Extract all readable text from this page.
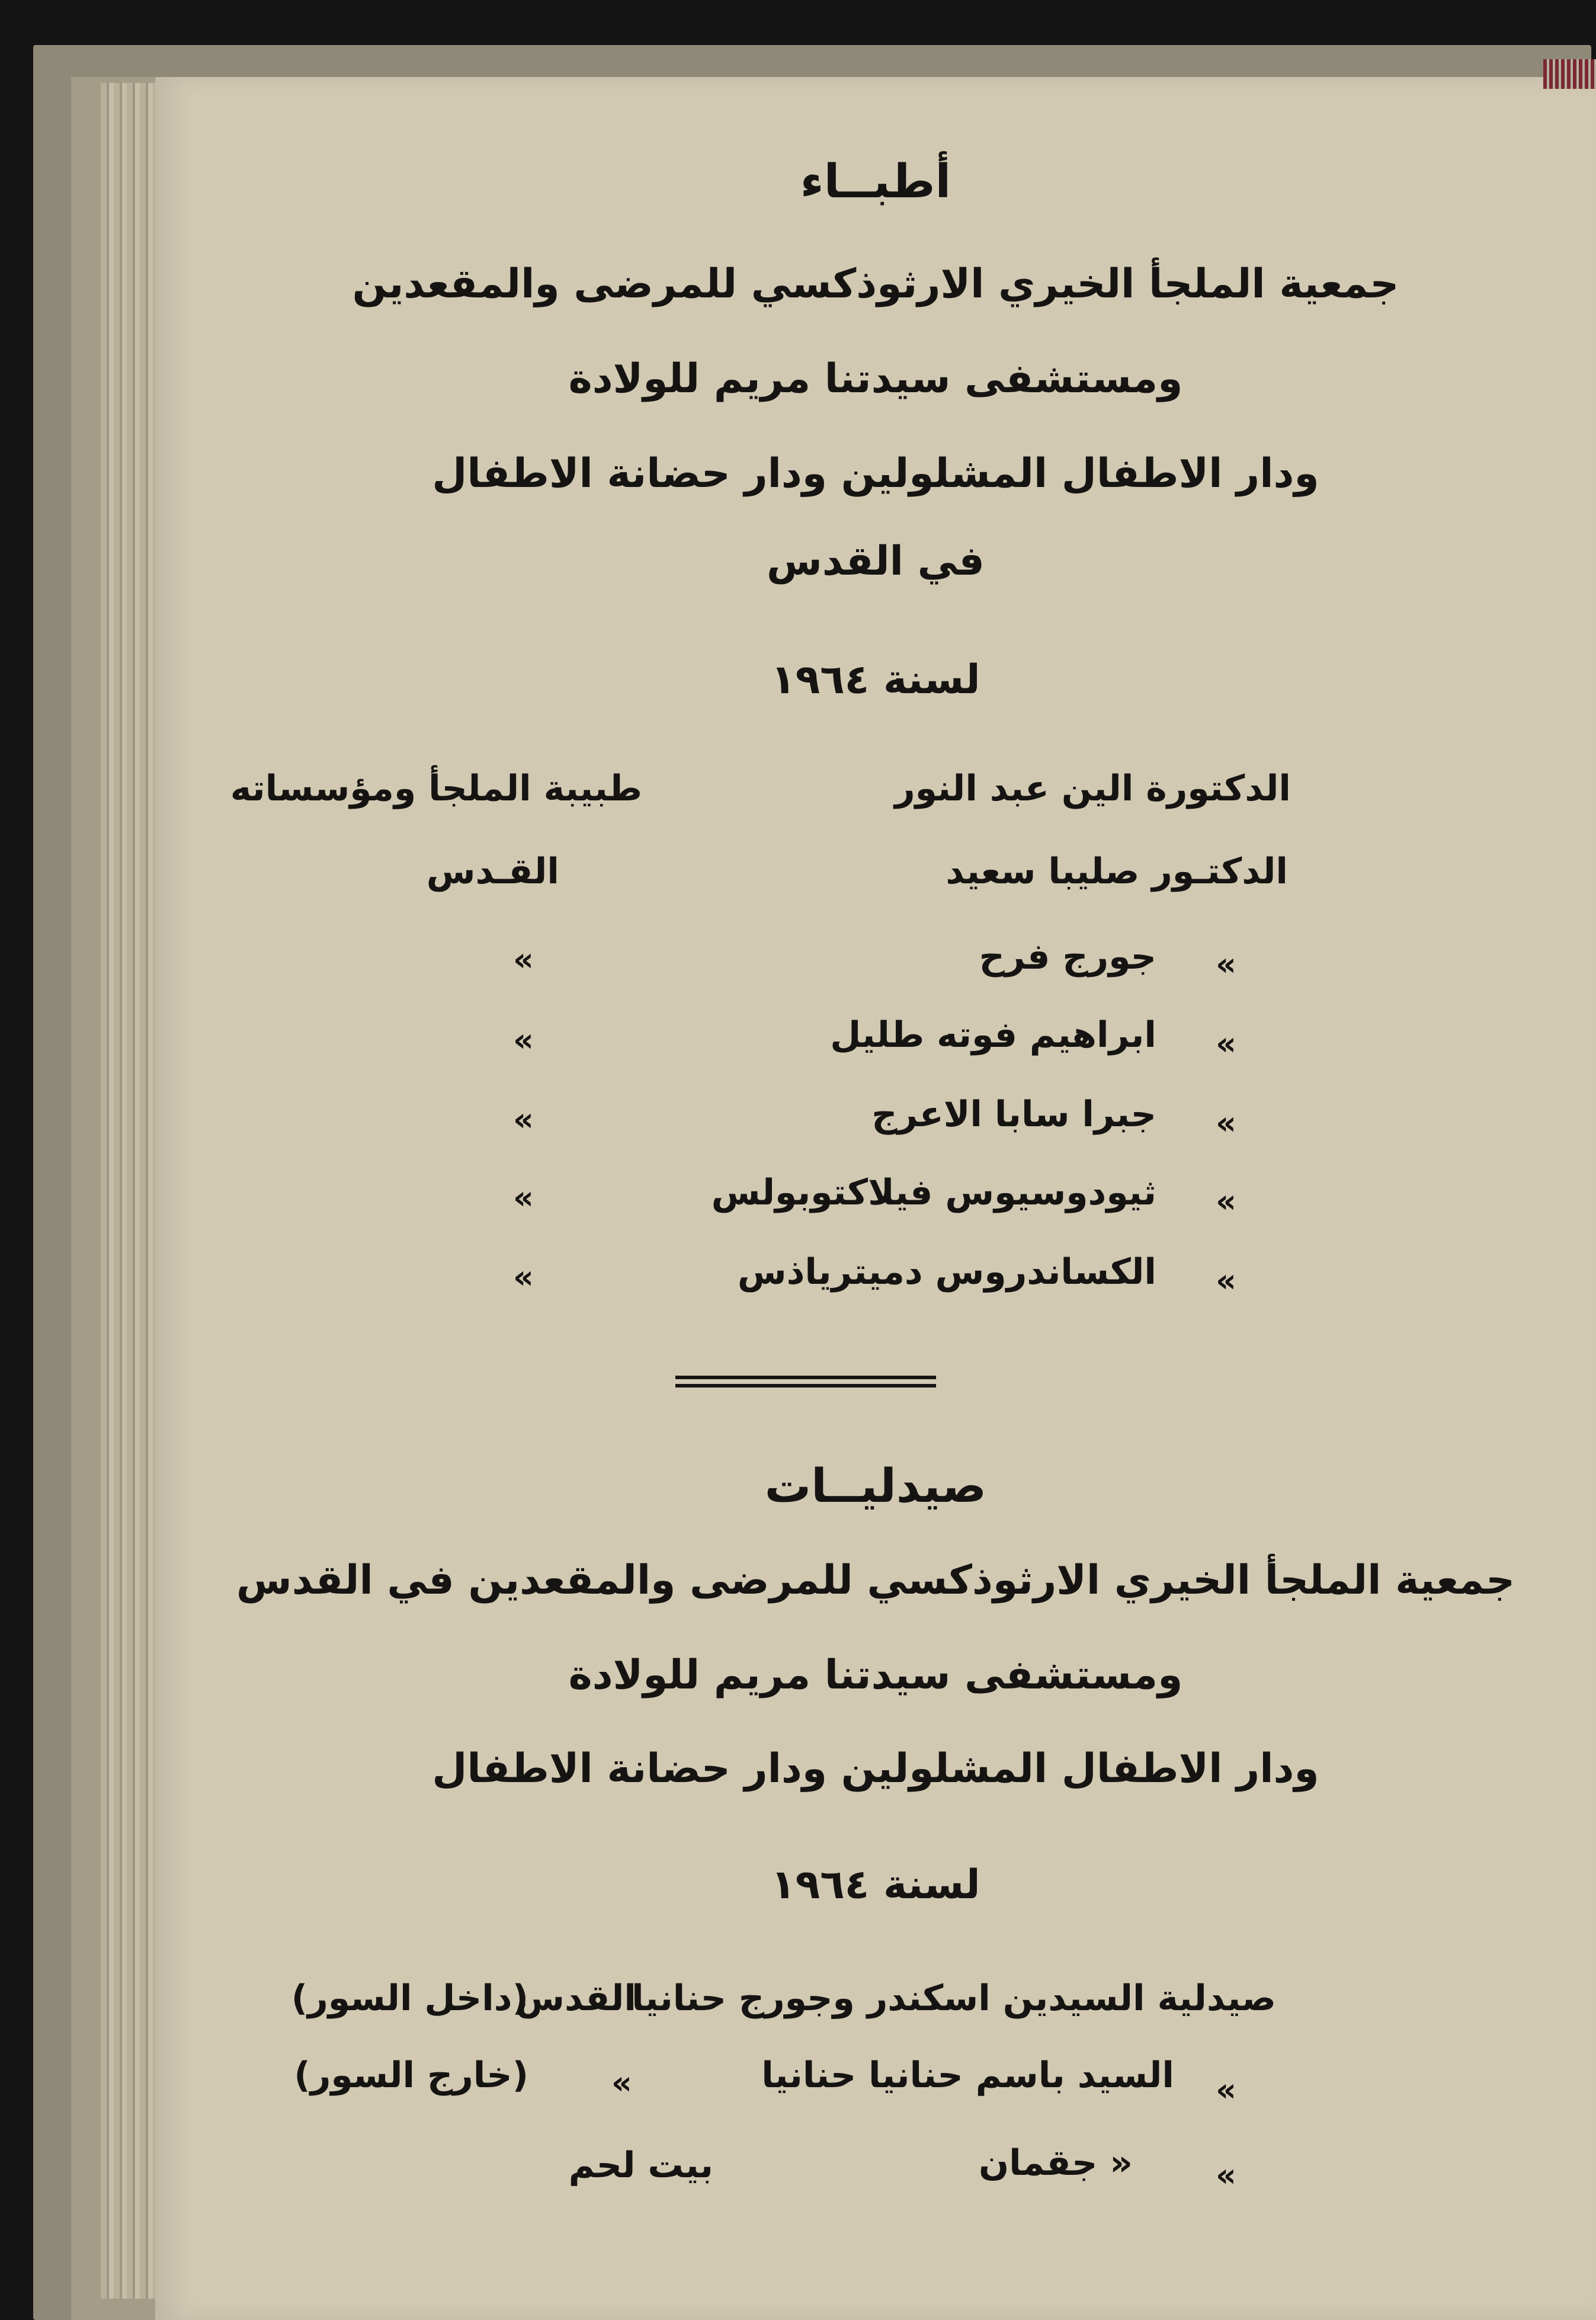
أطبــاء
جمعية الملجأ الخيري الارثوذكسي للمرضى والمقعدين
ومستشفى سيدتنا مريم للولادة
ودار الاطفال المشلولين ودار حضانة الاطفال
في القدس
لسنة ١٩٦٤
الدكتورة الين عبد النور
طبيبة الملجأ ومؤسساته
الدكتـور صليبا سعيد
القـدس
«
جورج فرح
«
«
ابراهيم فوته طليل
«
«
جبرا سابا الاعرج
«
«
ثيودوسيوس فيلاكتوبولس
«
«
الكساندروس دميترياذس
«
صيدليــات
جمعية الملجأ الخيري الارثوذكسي للمرضى والمقعدين في القدس
ومستشفى سيدتنا مريم للولادة
ودار الاطفال المشلولين ودار حضانة الاطفال
لسنة ١٩٦٤
صيدلية السيدين اسكندر وجورج حنانيا
القدس
(داخل السور)
«
السيد باسم حنانيا حنانيا
«
(خارج السور)
«
« جقمان
بيت لحم
